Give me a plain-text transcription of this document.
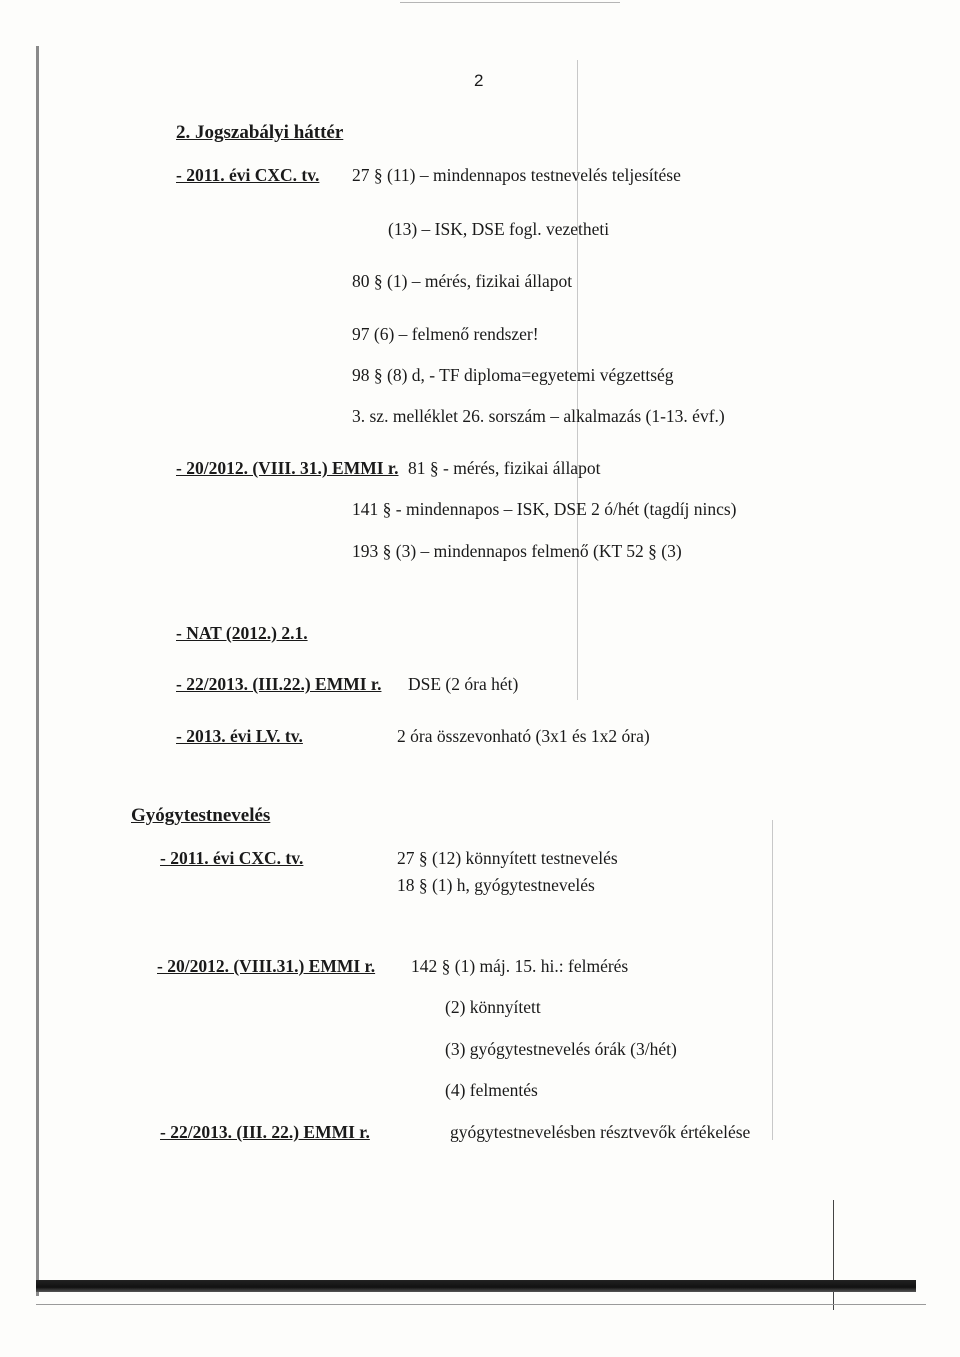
2
2. Jogszabályi háttér
- 2011. évi CXC. tv. 27 § (11) – mindennapos testnevelés teljesítése
(13) – ISK, DSE fogl. vezetheti
80 § (1) – mérés, fizikai állapot
97 (6) – felmenő rendszer!
98 § (8) d, - TF diploma=egyetemi végzettség
3. sz. melléklet 26. sorszám – alkalmazás (1-13. évf.)
- 20/2012. (VIII. 31.) EMMI r. 81 § - mérés, fizikai állapot
141 § - mindennapos – ISK, DSE 2 ó/hét (tagdíj nincs)
193 § (3) – mindennapos felmenő (KT 52 § (3)
- NAT (2012.) 2.1.
- 22/2013. (III.22.) EMMI r. DSE (2 óra hét)
- 2013. évi LV. tv.	2 óra összevonható (3x1 és 1x2 óra)
Gyógytestnevelés
- 2011. évi CXC. tv.	27 § (12) könnyített testnevelés
18 § (1) h, gyógytestnevelés
- 20/2012. (VIII.31.) EMMI r. 142 § (1) máj. 15. hi.: felmérés
(2) könnyített
(3) gyógytestnevelés órák (3/hét)
(4) felmentés
- 22/2013. (III. 22.) EMMI r.	gyógytestnevelésben résztvevők értékelése
